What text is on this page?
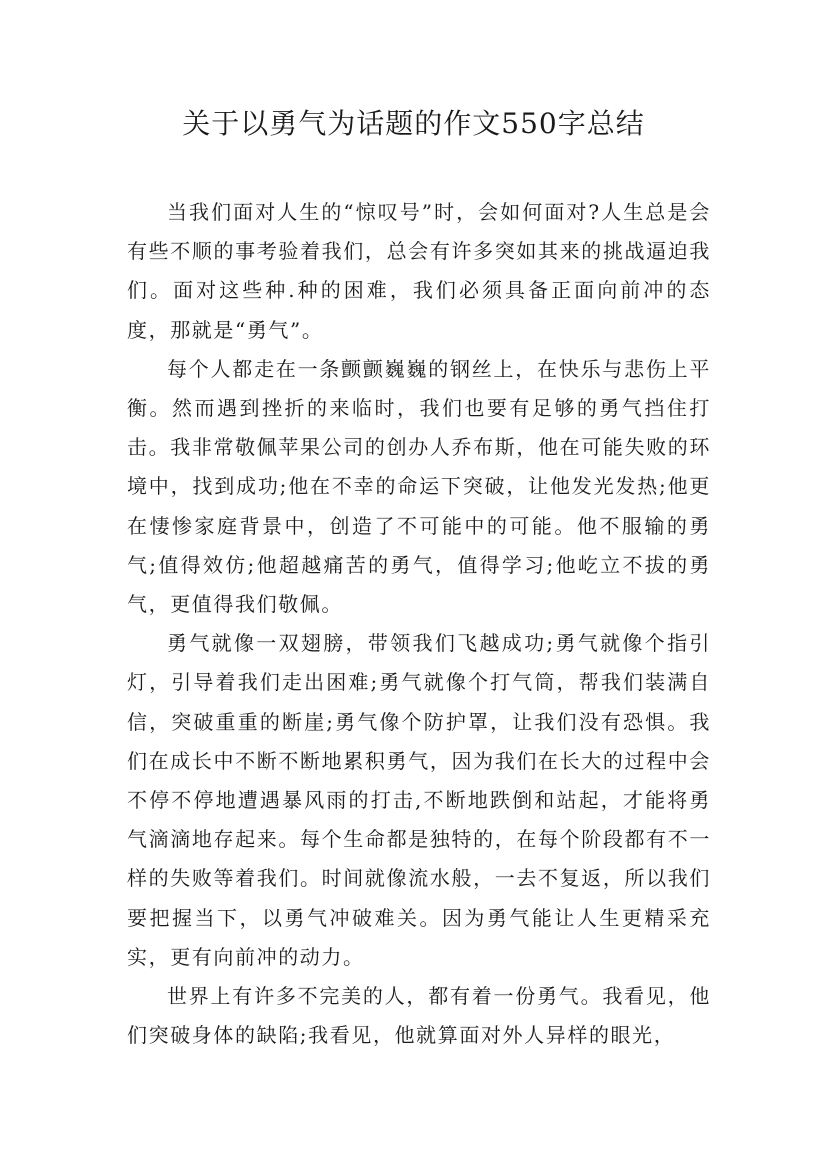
关于以勇气为话题的作文550字总结

当我们面对人生的“惊叹号”时，会如何面对?人生总是会有些不顺的事考验着我们，总会有许多突如其来的挑战逼迫我们。面对这些种.种的困难，我们必须具备正面向前冲的态度，那就是“勇气”。

每个人都走在一条颤颤巍巍的钢丝上，在快乐与悲伤上平衡。然而遇到挫折的来临时，我们也要有足够的勇气挡住打击。我非常敬佩苹果公司的创办人乔布斯，他在可能失败的环境中，找到成功;他在不幸的命运下突破，让他发光发热;他更在悽惨家庭背景中，创造了不可能中的可能。他不服输的勇气;值得效仿;他超越痛苦的勇气，值得学习;他屹立不拔的勇气，更值得我们敬佩。

勇气就像一双翅膀，带领我们飞越成功;勇气就像个指引灯，引导着我们走出困难;勇气就像个打气筒，帮我们装满自信，突破重重的断崖;勇气像个防护罩，让我们没有恐惧。我们在成长中不断不断地累积勇气，因为我们在长大的过程中会不停不停地遭遇暴风雨的打击,不断地跌倒和站起，才能将勇气滴滴地存起来。每个生命都是独特的，在每个阶段都有不一样的失败等着我们。时间就像流水般，一去不复返，所以我们要把握当下，以勇气冲破难关。因为勇气能让人生更精采充实，更有向前冲的动力。

世界上有许多不完美的人，都有着一份勇气。我看见，他们突破身体的缺陷;我看见，他就算面对外人异样的眼光，
